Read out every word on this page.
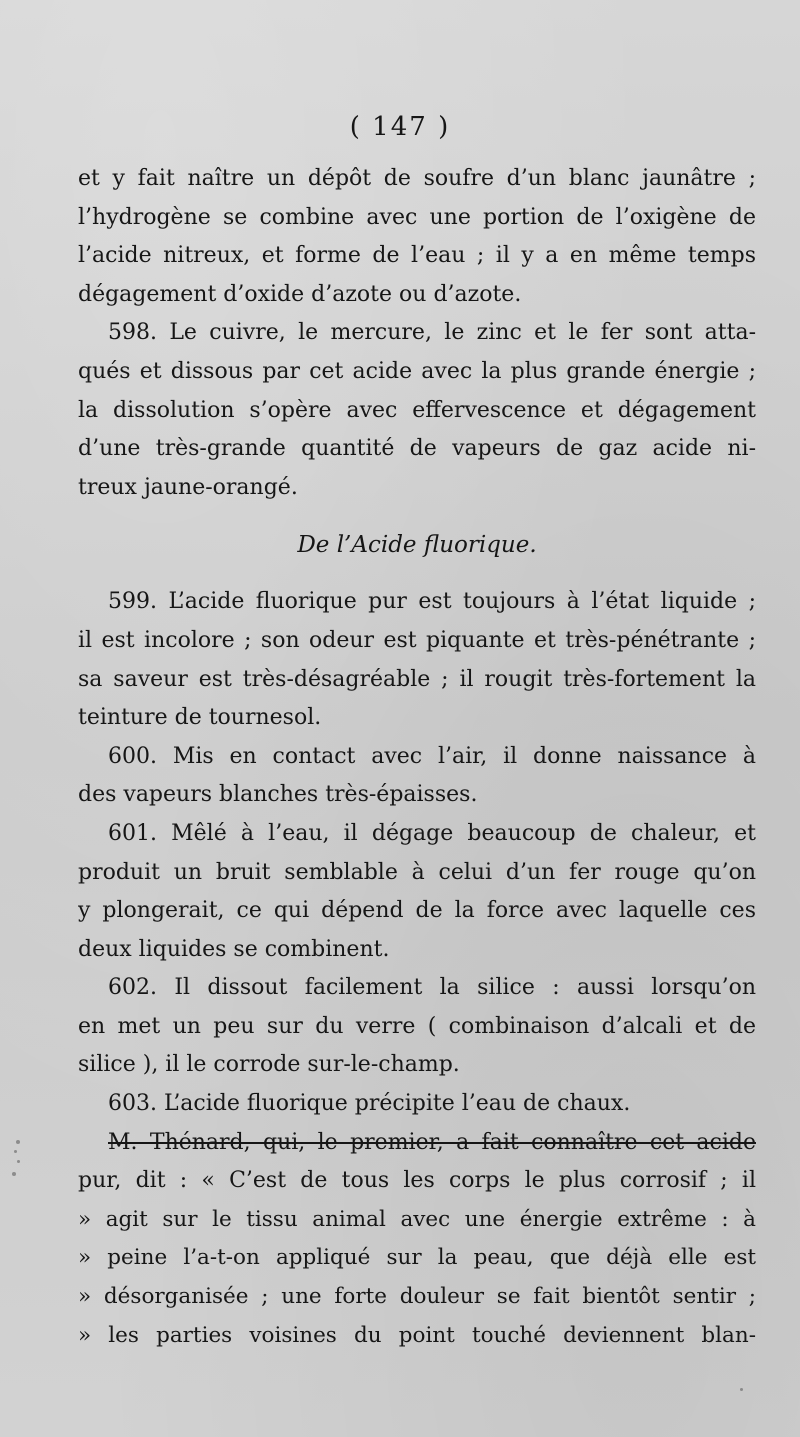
( 147 )
et y fait naître un dépôt de soufre d’un blanc jaunâtre ;
l’hydrogène se combine avec une portion de l’oxigène de
l’acide nitreux, et forme de l’eau ; il y a en même temps
dégagement d’oxide d’azote ou d’azote.
598. Le cuivre, le mercure, le zinc et le fer sont atta-
qués et dissous par cet acide avec la plus grande énergie ;
la dissolution s’opère avec effervescence et dégagement
d’une très-grande quantité de vapeurs de gaz acide ni-
treux jaune-orangé.
De l’Acide fluorique.
599. L’acide fluorique pur est toujours à l’état liquide ;
il est incolore ; son odeur est piquante et très-pénétrante ;
sa saveur est très-désagréable ; il rougit très-fortement la
teinture de tournesol.
600. Mis en contact avec l’air, il donne naissance à
des vapeurs blanches très-épaisses.
601. Mêlé à l’eau, il dégage beaucoup de chaleur, et
produit un bruit semblable à celui d’un fer rouge qu’on
y plongerait, ce qui dépend de la force avec laquelle ces
deux liquides se combinent.
602. Il dissout facilement la silice : aussi lorsqu’on
en met un peu sur du verre ( combinaison d’alcali et de
silice ), il le corrode sur-le-champ.
603. L’acide fluorique précipite l’eau de chaux.
M. Thénard, qui, le premier, a fait connaître cet acide
pur, dit : « C’est de tous les corps le plus corrosif ; il
» agit sur le tissu animal avec une énergie extrême : à
» peine l’a-t-on appliqué sur la peau, que déjà elle est
» désorganisée ; une forte douleur se fait bientôt sentir ;
» les parties voisines du point touché deviennent blan-
